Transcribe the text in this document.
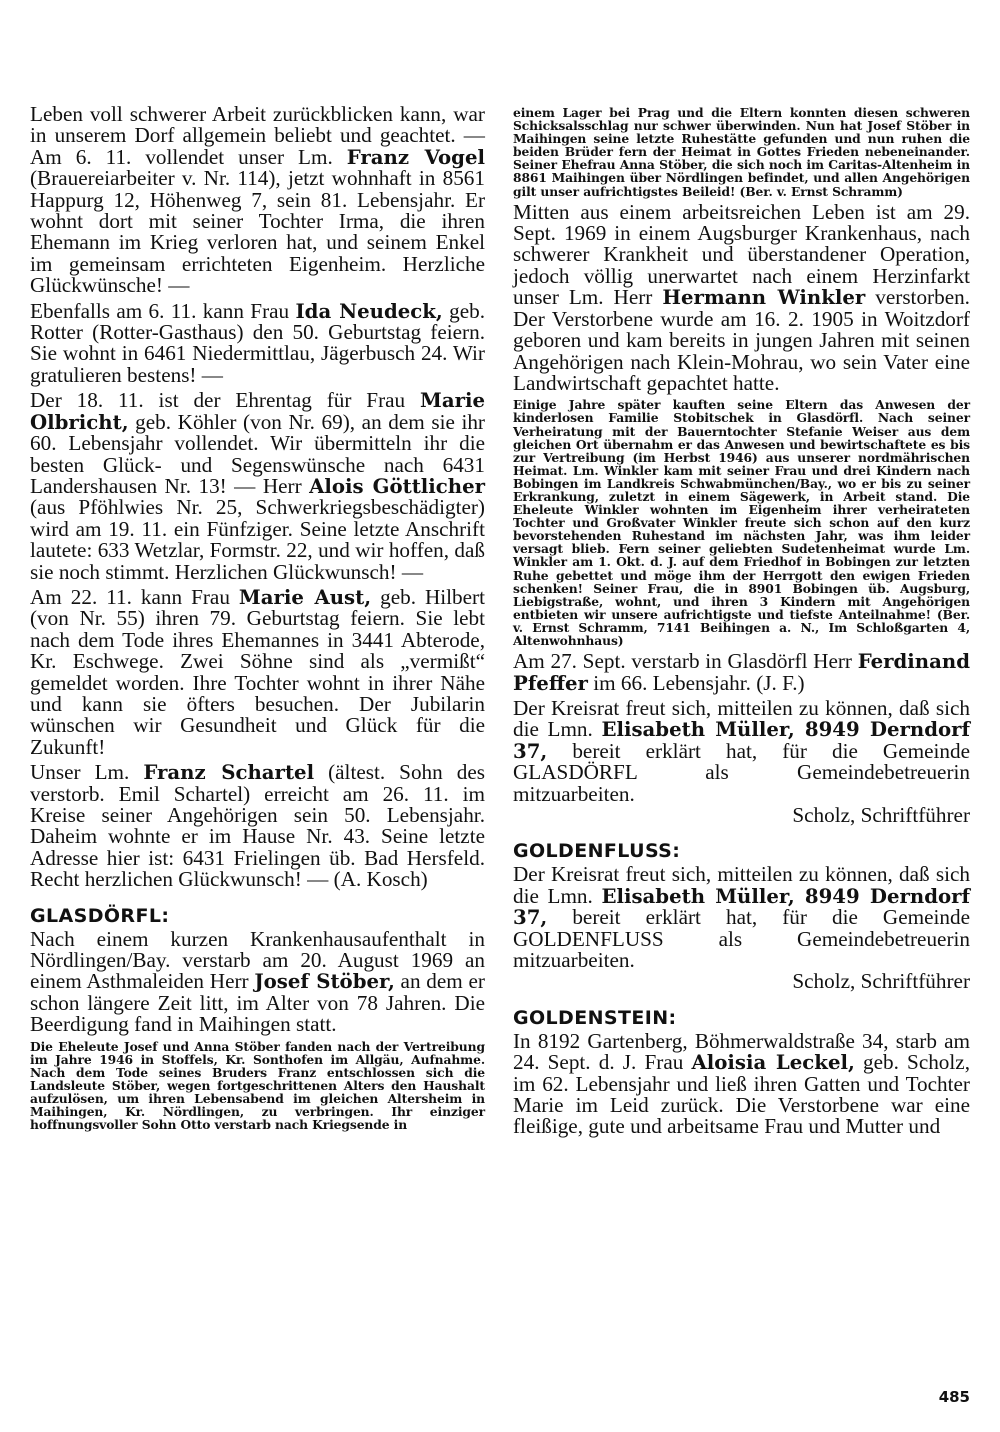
Leben voll schwerer Arbeit zurückblicken kann, war in unserem Dorf allgemein beliebt und geachtet. — Am 6. 11. vollendet unser Lm. Franz Vogel (Brauereiarbeiter v. Nr. 114), jetzt wohnhaft in 8561 Happurg 12, Höhenweg 7, sein 81. Lebensjahr. Er wohnt dort mit seiner Tochter Irma, die ihren Ehemann im Krieg verloren hat, und seinem Enkel im gemeinsam errichteten Eigenheim. Herzliche Glückwünsche! —

Ebenfalls am 6. 11. kann Frau Ida Neudeck, geb. Rotter (Rotter-Gasthaus) den 50. Geburtstag feiern. Sie wohnt in 6461 Niedermittlau, Jägerbusch 24. Wir gratulieren bestens! —

Der 18. 11. ist der Ehrentag für Frau Marie Olbricht, geb. Köhler (von Nr. 69), an dem sie ihr 60. Lebensjahr vollendet. Wir übermitteln ihr die besten Glück- und Segenswünsche nach 6431 Landershausen Nr. 13! — Herr Alois Göttlicher (aus Pföhlwies Nr. 25, Schwerkriegsbeschädigter) wird am 19. 11. ein Fünfziger. Seine letzte Anschrift lautete: 633 Wetzlar, Formstr. 22, und wir hoffen, daß sie noch stimmt. Herzlichen Glückwunsch! —

Am 22. 11. kann Frau Marie Aust, geb. Hilbert (von Nr. 55) ihren 79. Geburtstag feiern. Sie lebt nach dem Tode ihres Ehemannes in 3441 Abterode, Kr. Eschwege. Zwei Söhne sind als „vermißt“ gemeldet worden. Ihre Tochter wohnt in ihrer Nähe und kann sie öfters besuchen. Der Jubilarin wünschen wir Gesundheit und Glück für die Zukunft!

Unser Lm. Franz Schartel (ältest. Sohn des verstorb. Emil Schartel) erreicht am 26. 11. im Kreise seiner Angehörigen sein 50. Lebensjahr. Daheim wohnte er im Hause Nr. 43. Seine letzte Adresse hier ist: 6431 Frielingen üb. Bad Hersfeld. Recht herzlichen Glückwunsch! — (A. Kosch)

GLASDÖRFL:

Nach einem kurzen Krankenhausaufenthalt in Nördlingen/Bay. verstarb am 20. August 1969 an einem Asthmaleiden Herr Josef Stöber, an dem er schon längere Zeit litt, im Alter von 78 Jahren. Die Beerdigung fand in Maihingen statt.

Die Eheleute Josef und Anna Stöber fanden nach der Vertreibung im Jahre 1946 in Stoffels, Kr. Sonthofen im Allgäu, Aufnahme. Nach dem Tode seines Bruders Franz entschlossen sich die Landsleute Stöber, wegen fortgeschrittenen Alters den Haushalt aufzulösen, um ihren Lebensabend im gleichen Altersheim in Maihingen, Kr. Nördlingen, zu verbringen. Ihr einziger hoffnungsvoller Sohn Otto verstarb nach Kriegsende in

einem Lager bei Prag und die Eltern konnten diesen schweren Schicksalsschlag nur schwer überwinden. Nun hat Josef Stöber in Maihingen seine letzte Ruhestätte gefunden und nun ruhen die beiden Brüder fern der Heimat in Gottes Frieden nebeneinander. Seiner Ehefrau Anna Stöber, die sich noch im Caritas-Altenheim in 8861 Maihingen über Nördlingen befindet, und allen Angehörigen gilt unser aufrichtigstes Beileid! (Ber. v. Ernst Schramm)

Mitten aus einem arbeitsreichen Leben ist am 29. Sept. 1969 in einem Augsburger Krankenhaus, nach schwerer Krankheit und überstandener Operation, jedoch völlig unerwartet nach einem Herzinfarkt unser Lm. Herr Hermann Winkler verstorben. Der Verstorbene wurde am 16. 2. 1905 in Woitzdorf geboren und kam bereits in jungen Jahren mit seinen Angehörigen nach Klein-Mohrau, wo sein Vater eine Landwirtschaft gepachtet hatte.

Einige Jahre später kauften seine Eltern das Anwesen der kinderlosen Familie Stobitschek in Glasdörfl. Nach seiner Verheiratung mit der Bauerntochter Stefanie Weiser aus dem gleichen Ort übernahm er das Anwesen und bewirtschaftete es bis zur Vertreibung (im Herbst 1946) aus unserer nordmährischen Heimat. Lm. Winkler kam mit seiner Frau und drei Kindern nach Bobingen im Landkreis Schwabmünchen/Bay., wo er bis zu seiner Erkrankung, zuletzt in einem Sägewerk, in Arbeit stand. Die Eheleute Winkler wohnten im Eigenheim ihrer verheirateten Tochter und Großvater Winkler freute sich schon auf den kurz bevorstehenden Ruhestand im nächsten Jahr, was ihm leider versagt blieb. Fern seiner geliebten Sudetenheimat wurde Lm. Winkler am 1. Okt. d. J. auf dem Friedhof in Bobingen zur letzten Ruhe gebettet und möge ihm der Herrgott den ewigen Frieden schenken! Seiner Frau, die in 8901 Bobingen üb. Augsburg, Liebigstraße, wohnt, und ihren 3 Kindern mit Angehörigen entbieten wir unsere aufrichtigste und tiefste Anteilnahme! (Ber. v. Ernst Schramm, 7141 Beihingen a. N., Im Schloßgarten 4, Altenwohnhaus)

Am 27. Sept. verstarb in Glasdörfl Herr Ferdinand Pfeffer im 66. Lebensjahr. (J. F.)

Der Kreisrat freut sich, mitteilen zu können, daß sich die Lmn. Elisabeth Müller, 8949 Derndorf 37, bereit erklärt hat, für die Gemeinde GLASDÖRFL als Gemeindebetreuerin mitzuarbeiten.

Scholz, Schriftführer

GOLDENFLUSS:

Der Kreisrat freut sich, mitteilen zu können, daß sich die Lmn. Elisabeth Müller, 8949 Derndorf 37, bereit erklärt hat, für die Gemeinde GOLDENFLUSS als Gemeindebetreuerin mitzuarbeiten.

Scholz, Schriftführer

GOLDENSTEIN:

In 8192 Gartenberg, Böhmerwaldstraße 34, starb am 24. Sept. d. J. Frau Aloisia Leckel, geb. Scholz, im 62. Lebensjahr und ließ ihren Gatten und Tochter Marie im Leid zurück. Die Verstorbene war eine fleißige, gute und arbeitsame Frau und Mutter und

485
